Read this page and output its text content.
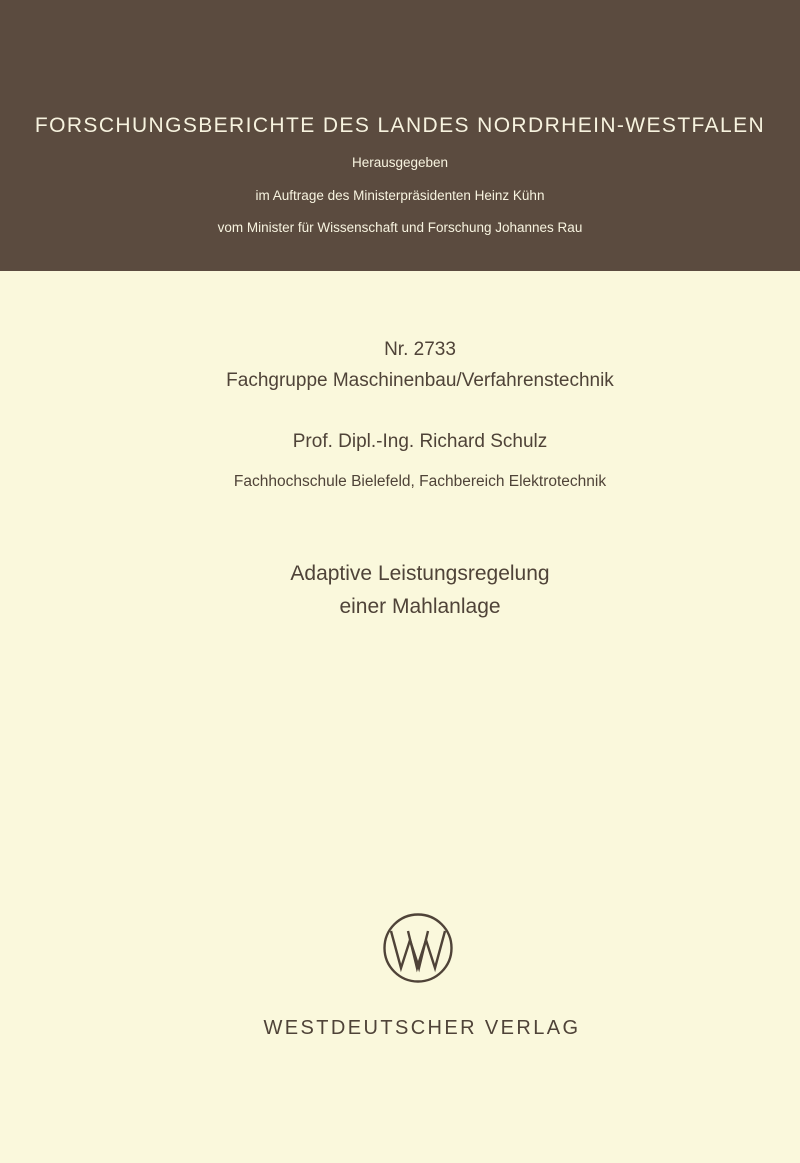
FORSCHUNGSBERICHTE DES LANDES NORDRHEIN-WESTFALEN
Herausgegeben
im Auftrage des Ministerpräsidenten Heinz Kühn
vom Minister für Wissenschaft und Forschung Johannes Rau
Nr. 2733
Fachgruppe Maschinenbau/Verfahrenstechnik
Prof. Dipl.-Ing. Richard Schulz
Fachhochschule Bielefeld, Fachbereich Elektrotechnik
Adaptive Leistungsregelung
einer Mahlanlage
WESTDEUTSCHER VERLAG
